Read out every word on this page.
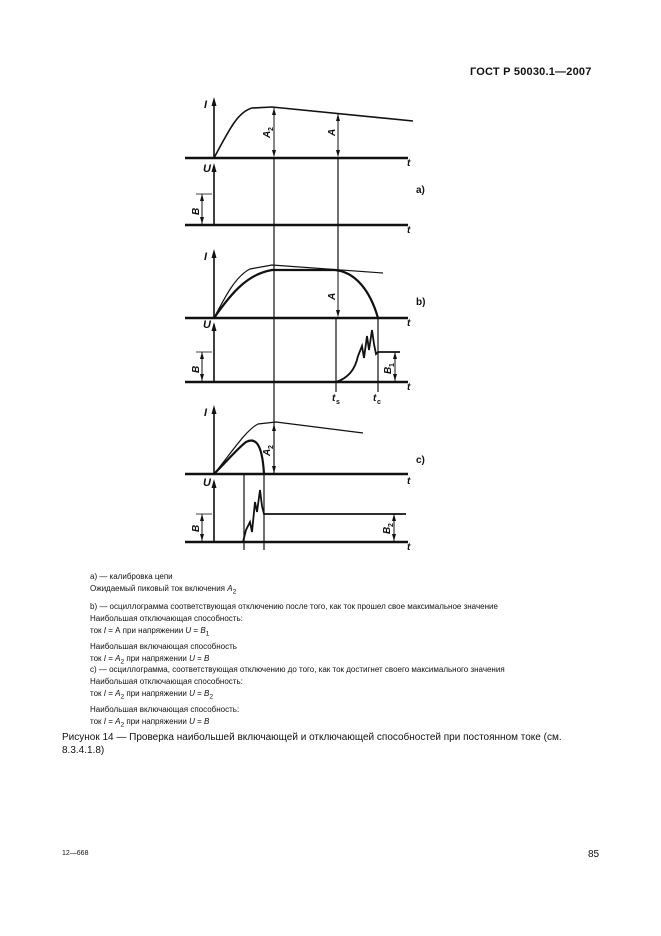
ГОСТ Р 50030.1—2007
I
U	t
t
a)
A
2	A
B
I
U	t
t
b)
A
B	B
1
t s	t c
I
U	t
t
c)
A
2
B	B
2
а) — калибровка цепи
Ожидаемый пиковый ток включения $A_2$
b) — осциллограмма соответствующая отключению после того, как ток прошел свое максимальное значение
Наибольшая отключающая способность:
ток I = А при напряжении $U = B_1$
Наибольшая включающая способность
ток $I = A_2$ при напряжении U = B
с) — осциллограмма, соответствующая отключению до того, как ток достигнет своего максимального значения
Наибольшая отключающая способность:
ток $I = A_2$ при напряжении $U = B_2$
Наибольшая включающая способность:
ток $I = A_2$ при напряжении U = B
Рисунок 14 — Проверка наибольшей включающей и отключающей способностей при постоянном токе (см. 8.3.4.1.8)
12—668	85
